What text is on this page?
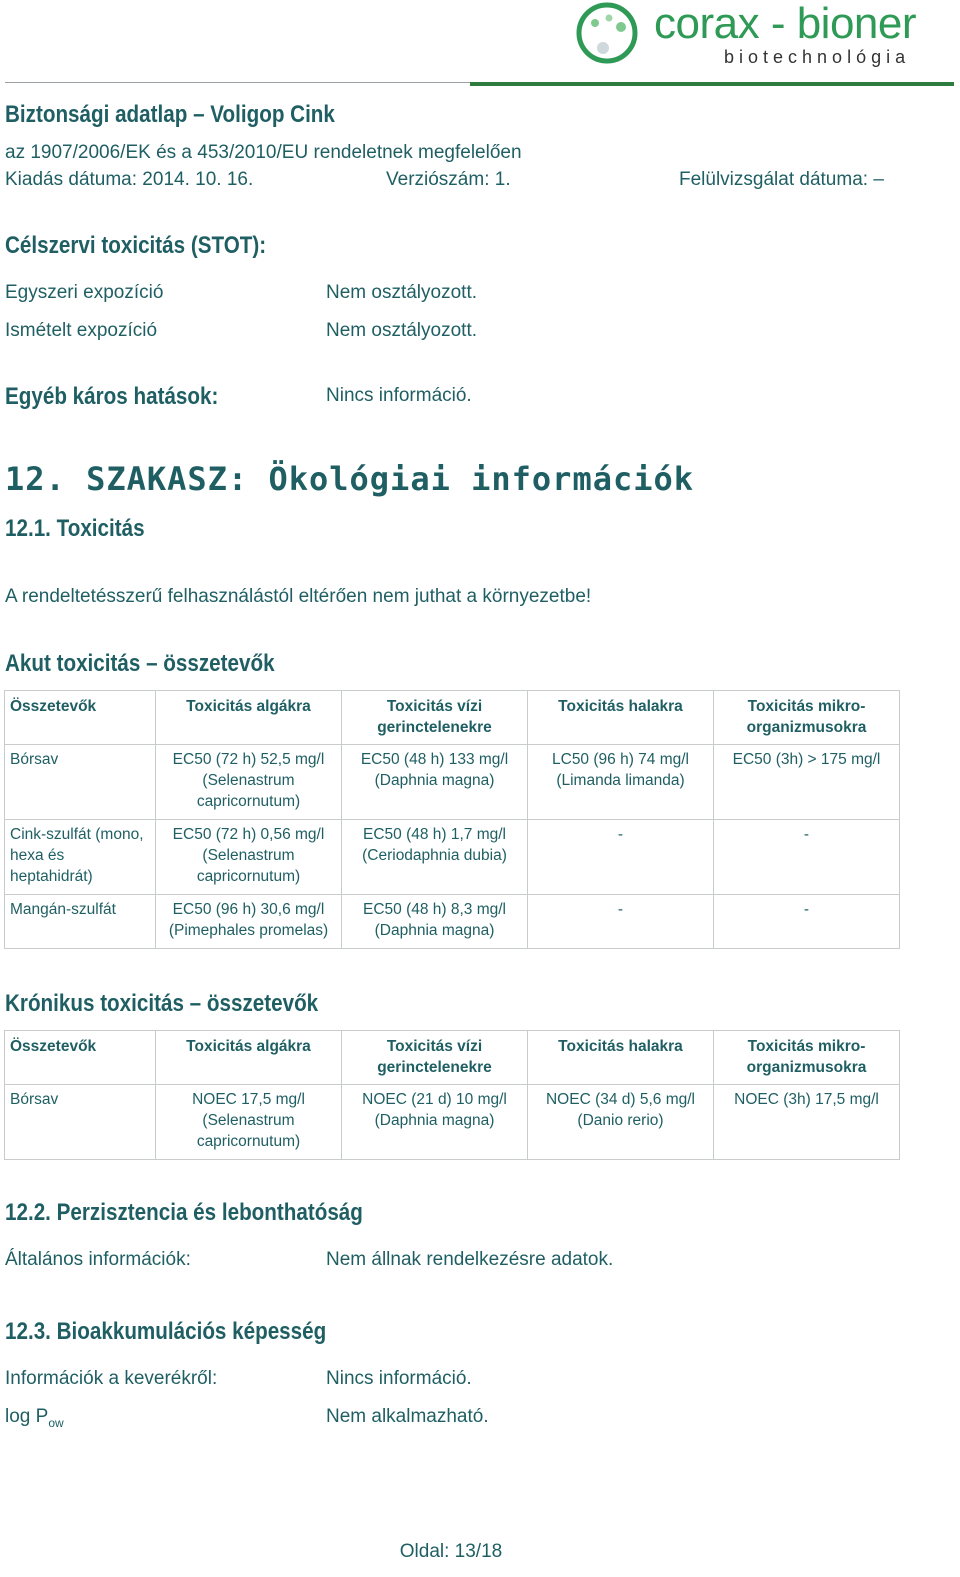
corax - bioner
biotechnológia
Biztonsági adatlap – Voligop Cink
az 1907/2006/EK és a 453/2010/EU rendeletnek megfelelően
Kiadás dátuma: 2014. 10. 16.	Verziószám: 1.	Felülvizsgálat dátuma: –
Célszervi toxicitás (STOT):
Egyszeri expozíció	Nem osztályozott.
Ismételt expozíció	Nem osztályozott.
Egyéb káros hatások:	Nincs információ.
12. SZAKASZ: Ökológiai információk
12.1. Toxicitás
A rendeltetésszerű felhasználástól eltérően nem juthat a környezetbe!
Akut toxicitás – összetevők
Összetevők	Toxicitás algákra	Toxicitás vízi gerinctelenekre	Toxicitás halakra	Toxicitás mikro-organizmusokra
Bórsav	EC50 (72 h) 52,5 mg/l (Selenastrum capricornutum)	EC50 (48 h) 133 mg/l (Daphnia magna)	LC50 (96 h) 74 mg/l (Limanda limanda)	EC50 (3h) > 175 mg/l
Cink-szulfát (mono, hexa és heptahidrát)	EC50 (72 h) 0,56 mg/l (Selenastrum capricornutum)	EC50 (48 h) 1,7 mg/l (Ceriodaphnia dubia)	-	-
Mangán-szulfát	EC50 (96 h) 30,6 mg/l (Pimephales promelas)	EC50 (48 h) 8,3 mg/l (Daphnia magna)	-	-
Krónikus toxicitás – összetevők
Összetevők	Toxicitás algákra	Toxicitás vízi gerinctelenekre	Toxicitás halakra	Toxicitás mikro-organizmusokra
Bórsav	NOEC 17,5 mg/l (Selenastrum capricornutum)	NOEC (21 d) 10 mg/l (Daphnia magna)	NOEC (34 d) 5,6 mg/l (Danio rerio)	NOEC (3h) 17,5 mg/l
12.2. Perzisztencia és lebonthatóság
Általános információk:	Nem állnak rendelkezésre adatok.
12.3. Bioakkumulációs képesség
Információk a keverékről:	Nincs információ.
$\log P_{ow}$	Nem alkalmazható.
Oldal: 13/18
